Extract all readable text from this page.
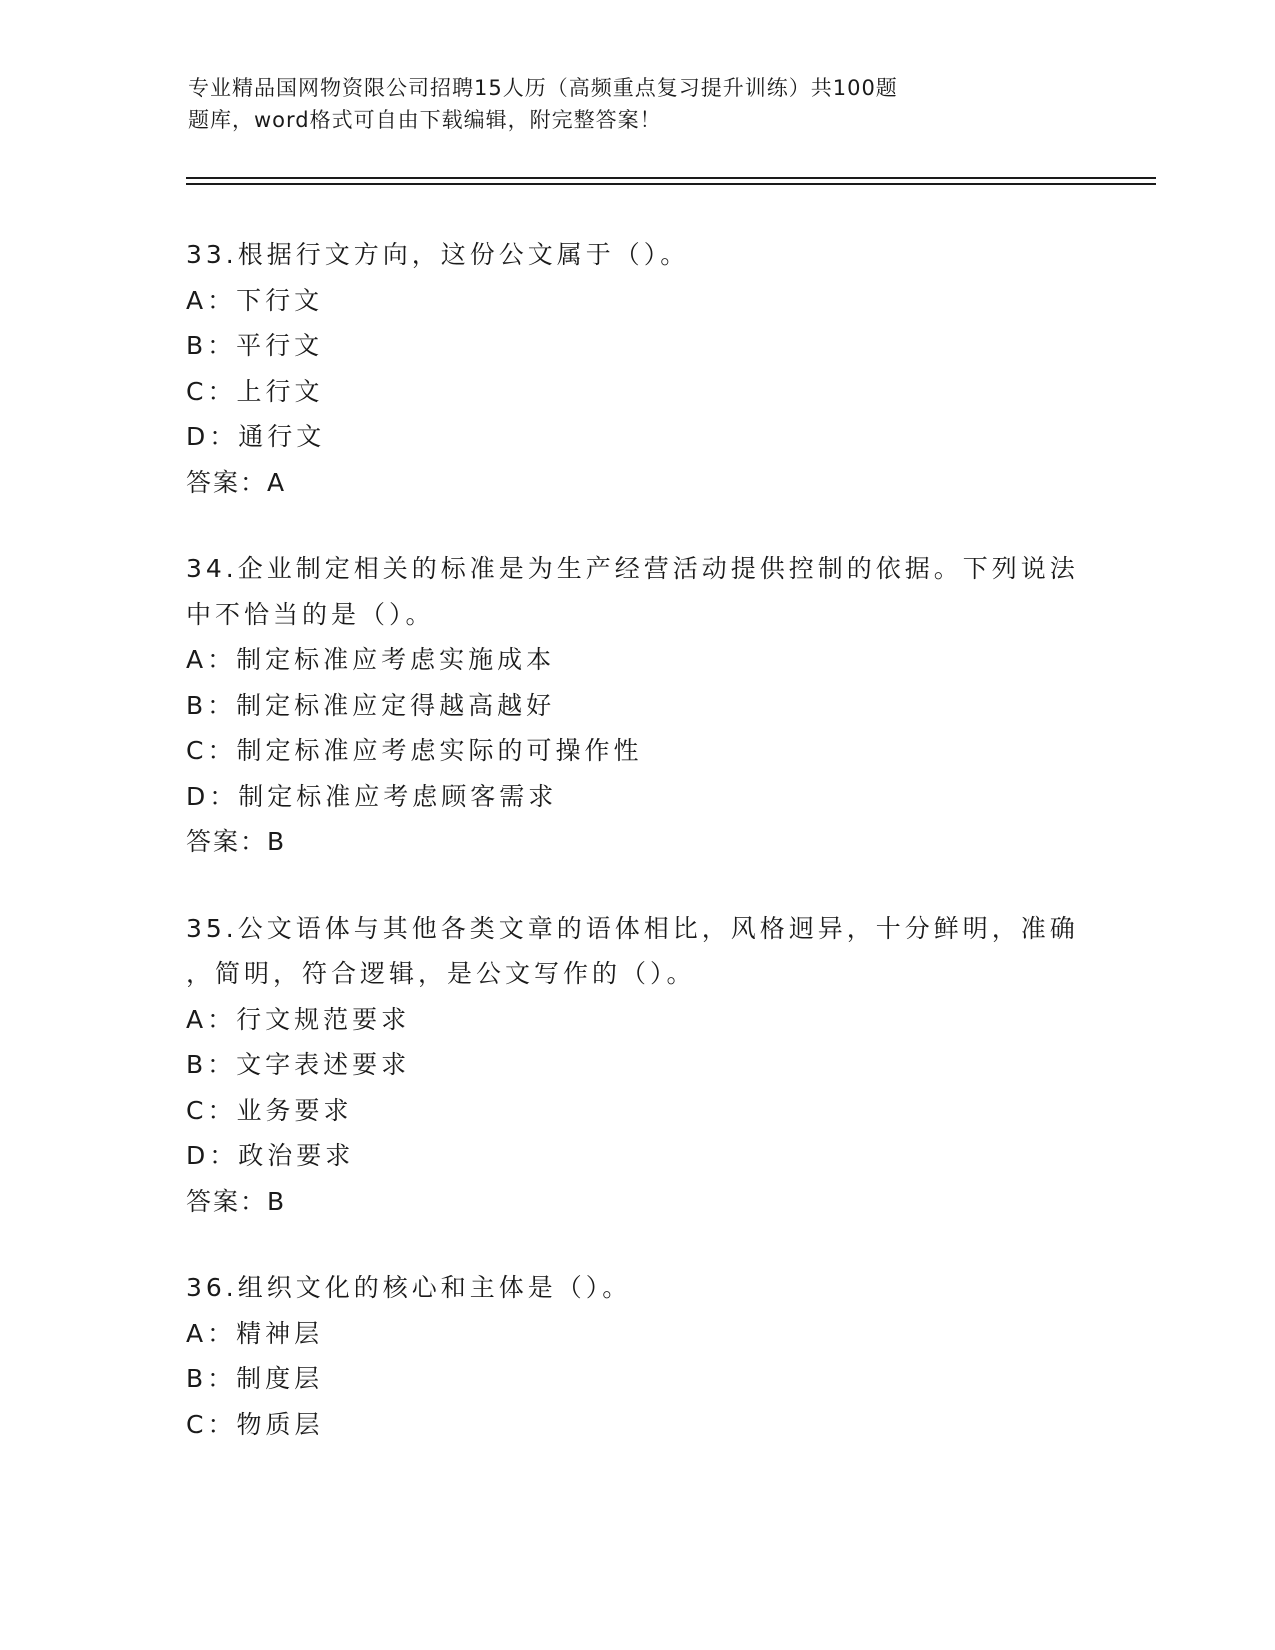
专业精品国网物资限公司招聘15人历（高频重点复习提升训练）共100题
题库，word格式可自由下载编辑，附完整答案！
33.根据行文方向，这份公文属于（）。
A：下行文
B：平行文
C：上行文
D：通行文
答案：A
34.企业制定相关的标准是为生产经营活动提供控制的依据。下列说法
中不恰当的是（）。
A：制定标准应考虑实施成本
B：制定标准应定得越高越好
C：制定标准应考虑实际的可操作性
D：制定标准应考虑顾客需求
答案：B
35.公文语体与其他各类文章的语体相比，风格迥异，十分鲜明，准确
，简明，符合逻辑，是公文写作的（）。
A：行文规范要求
B：文字表述要求
C：业务要求
D：政治要求
答案：B
36.组织文化的核心和主体是（）。
A：精神层
B：制度层
C：物质层
